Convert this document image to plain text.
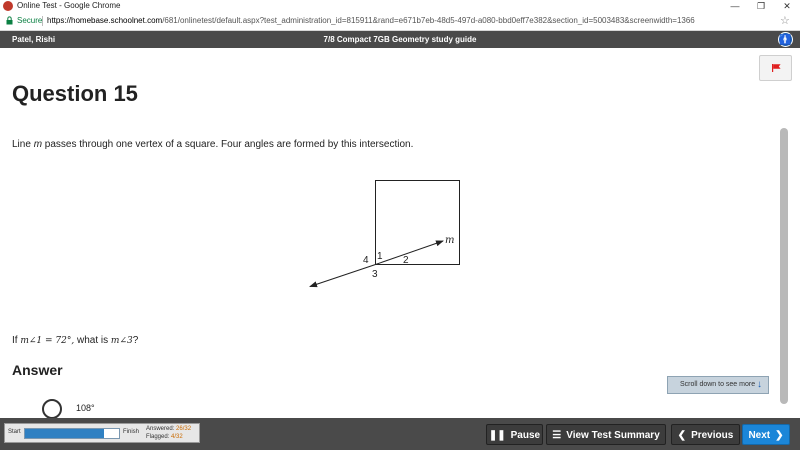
Online Test - Google Chrome	—	❐	✕
Secure https://homebase.schoolnet.com/681/onlinetest/default.aspx?test_administration_id=815911&rand=e671b7eb-48d5-497d-a080-bbd0eff7e382&section_id=5003483&screenwidth=1366	☆
7/8 Compact 7GB Geometry study guide
Patel, Rishi	🚹
Question 15
Line m passes through one vertex of a square. Four angles are formed by this intersection.
m
1 2
3
4
If m∠1 = 72°, what is m∠3?
Answer
108°
Scroll down to see more ↓
Start	Finish Answered: 26/32
Flagged: 4/32	❚❚ Pause	☰ View Test Summary	❮ Previous	Next ❯
